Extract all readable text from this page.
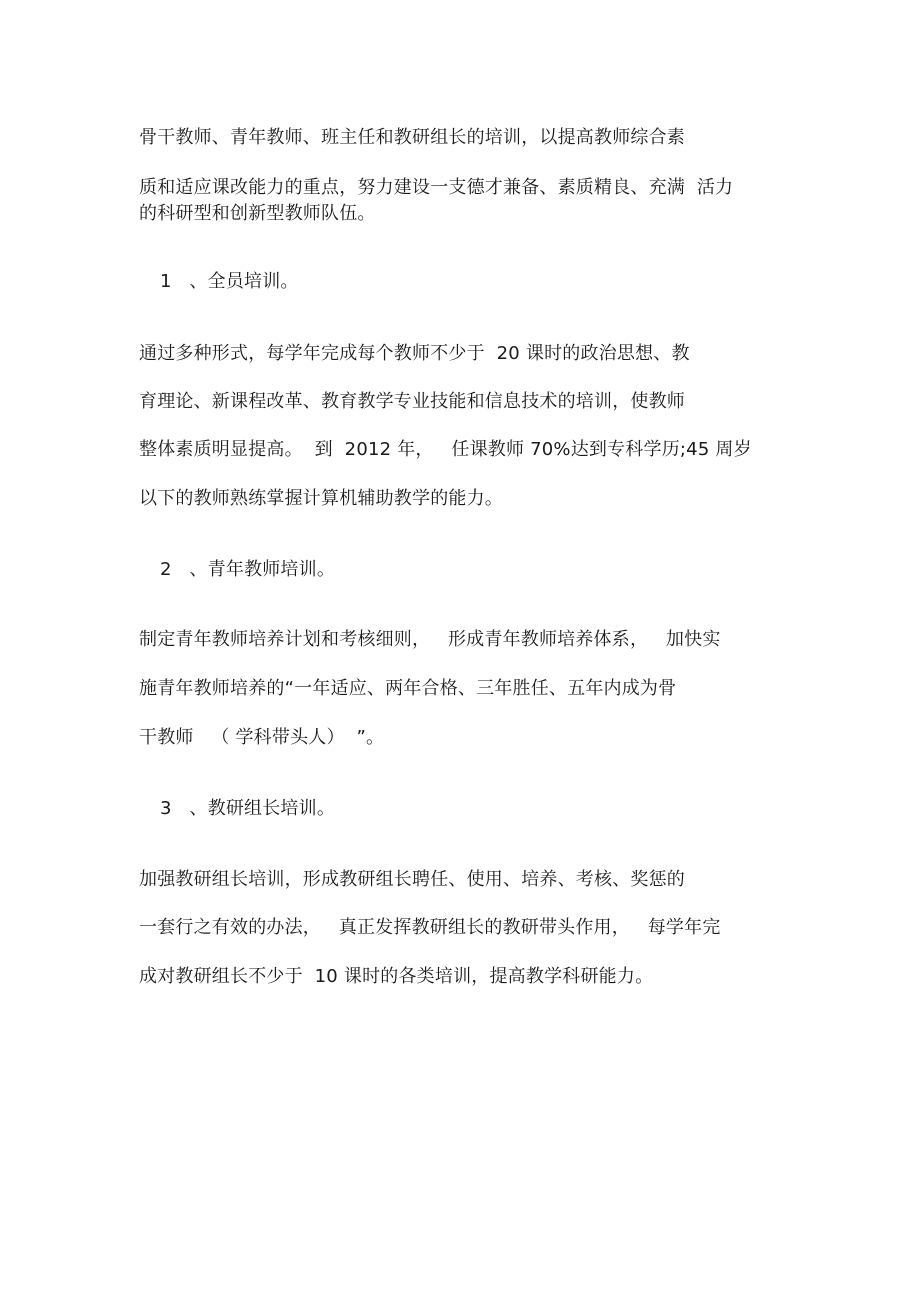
骨干教师、青年教师、班主任和教研组长的培训，以提高教师综合素
质和适应课改能力的重点，努力建设一支德才兼备、素质精良、充满  活力
的科研型和创新型教师队伍。
1   、全员培训。
通过多种形式，每学年完成每个教师不少于  20 课时的政治思想、教
育理论、新课程改革、教育教学专业技能和信息技术的培训，使教师
整体素质明显提高。  到  2012 年，   任课教师 70%达到专科学历;45 周岁
以下的教师熟练掌握计算机辅助教学的能力。
2   、青年教师培训。
制定青年教师培养计划和考核细则，   形成青年教师培养体系，   加快实
施青年教师培养的“一年适应、两年合格、三年胜任、五年内成为骨
干教师   （ 学科带头人）  ”。
3   、教研组长培训。
加强教研组长培训，形成教研组长聘任、使用、培养、考核、奖惩的
一套行之有效的办法，   真正发挥教研组长的教研带头作用，   每学年完
成对教研组长不少于  10 课时的各类培训，提高教学科研能力。
